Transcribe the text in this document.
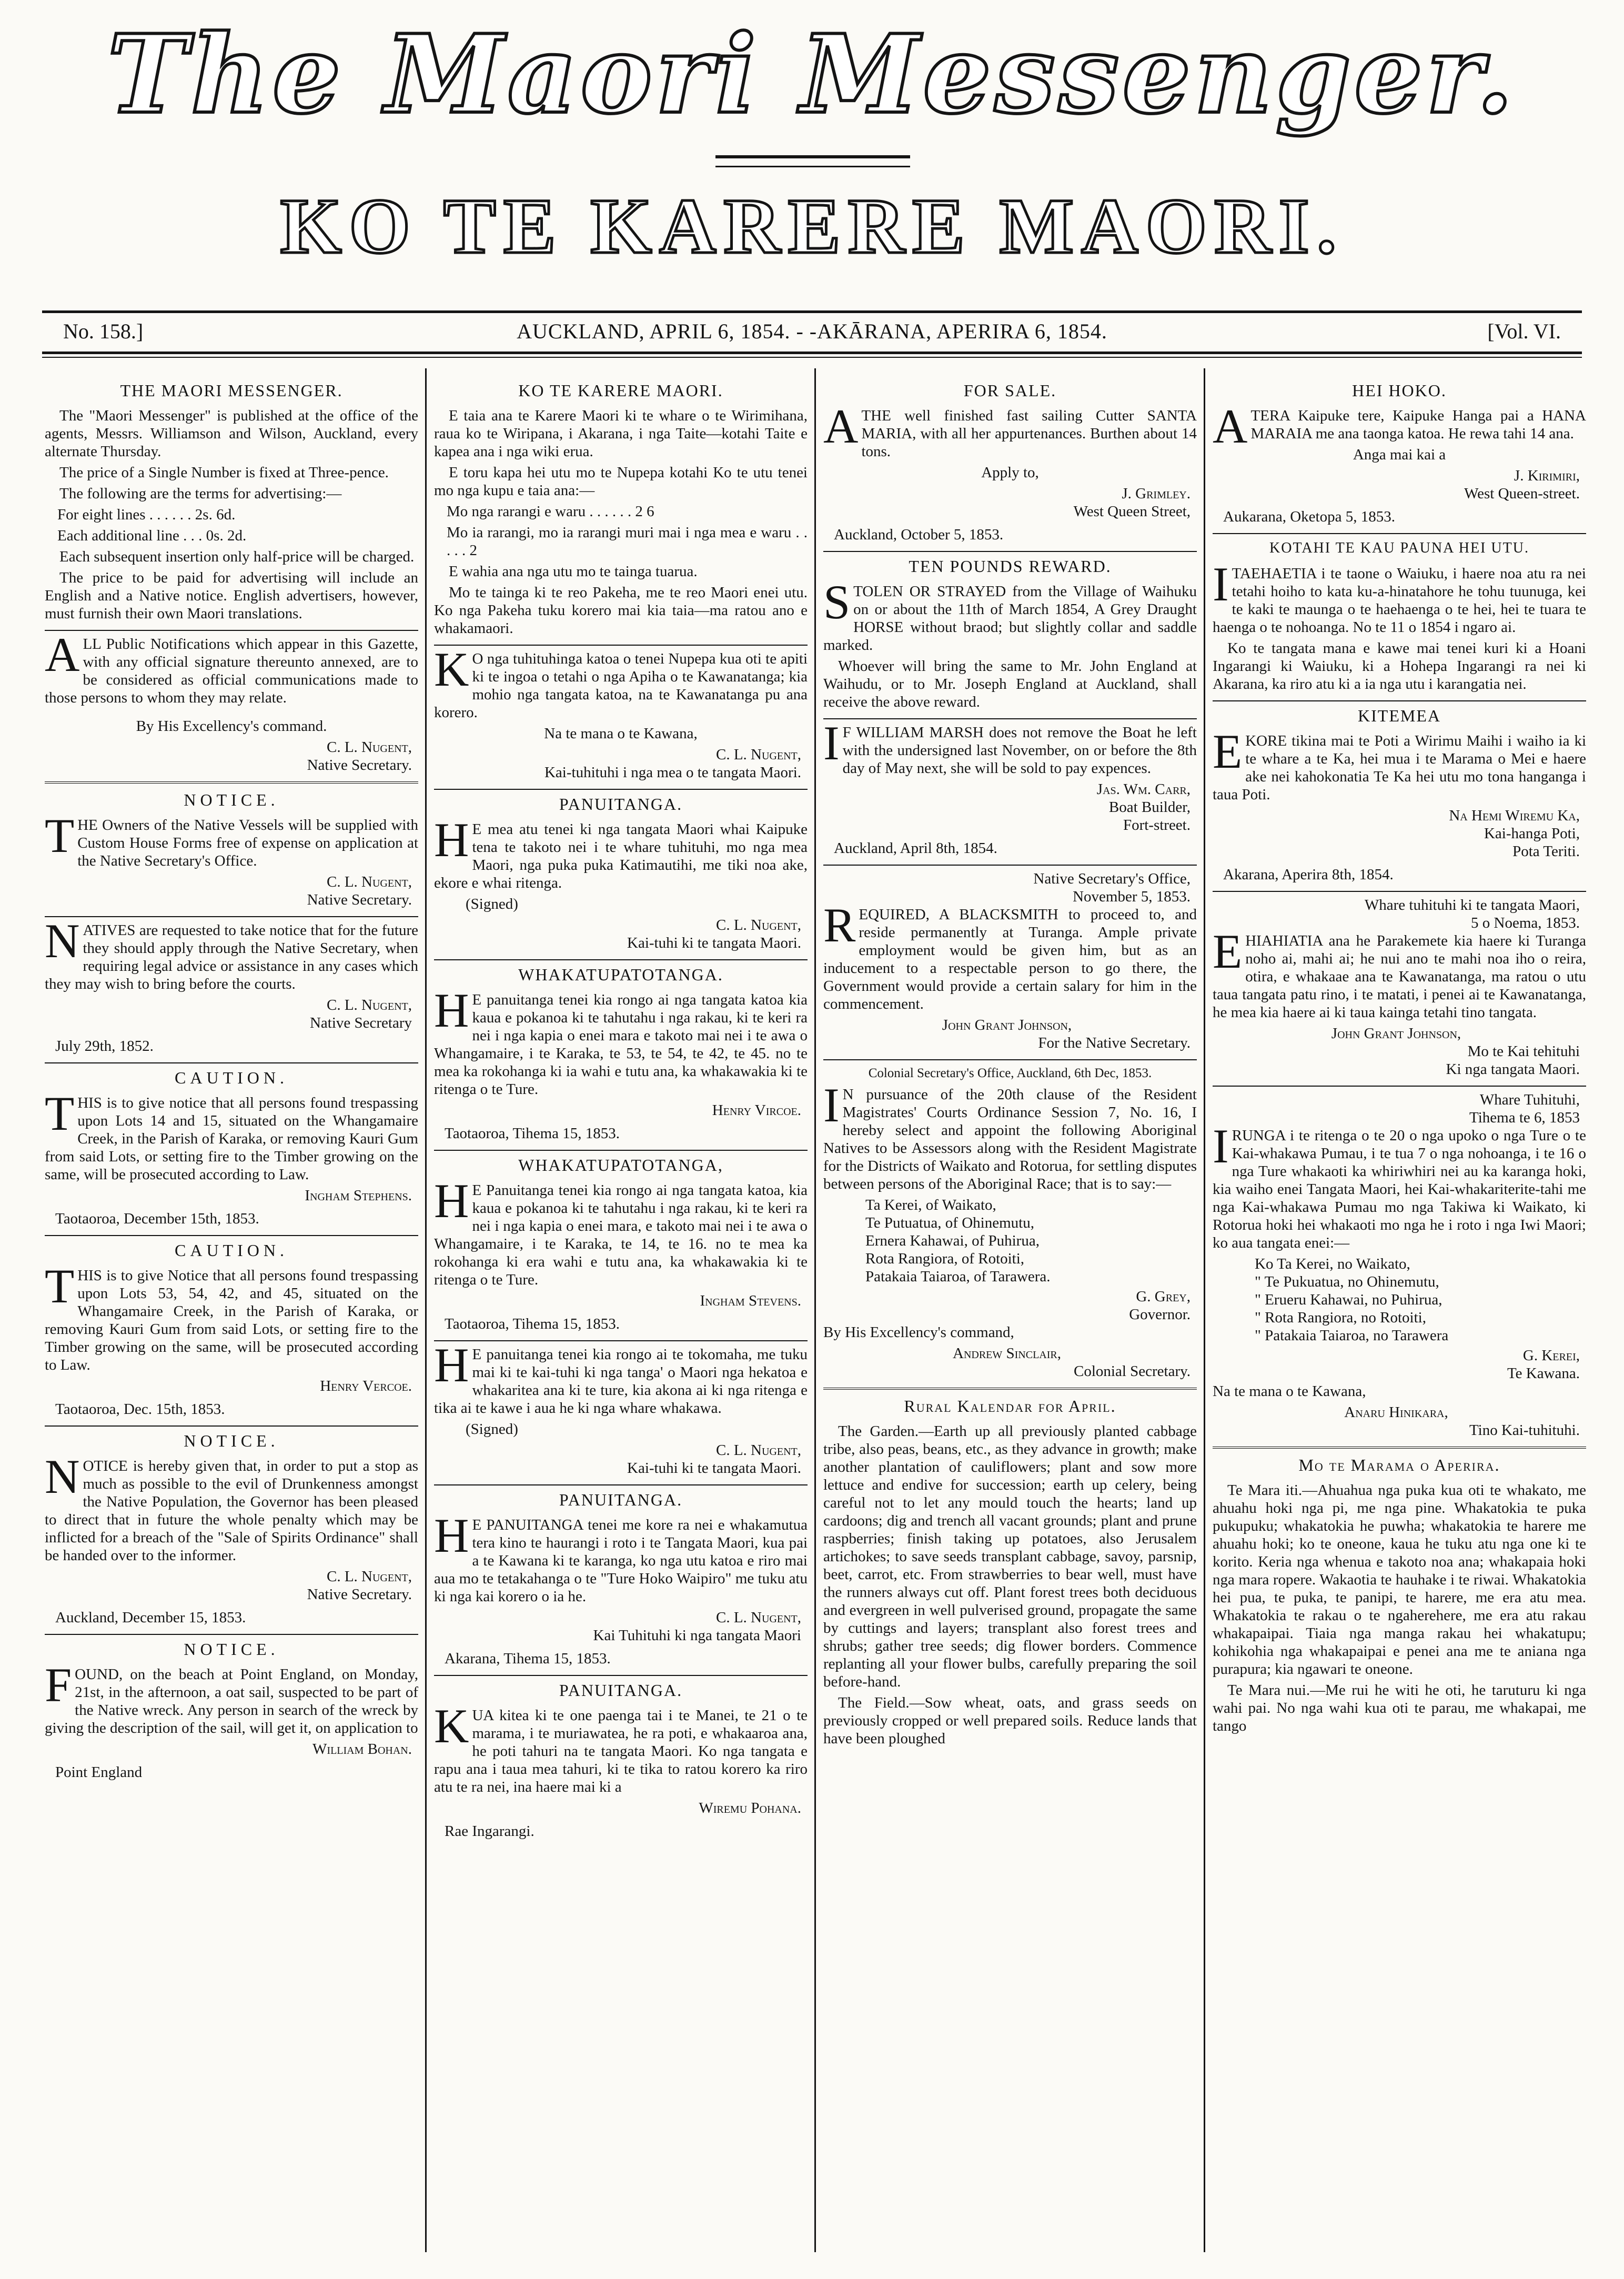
The Maori Messenger.
KO TE KARERE MAORI.
No. 158.]	AUCKLAND, APRIL 6, 1854. - -AKĀRANA, APERIRA 6, 1854.	[Vol. VI.
THE MAORI MESSENGER.

The "Maori Messenger" is published at the office of the agents, Messrs. Williamson and Wilson, Auckland, every alternate Thursday.

The price of a Single Number is fixed at Three-pence.

The following are the terms for advertising:—

For eight lines . . . . . . 2s. 6d.

Each additional line . . . 0s. 2d.

Each subsequent insertion only half-price will be charged.

The price to be paid for advertising will include an English and a Native notice. English advertisers, however, must furnish their own Maori translations.

ALL Public Notifications which appear in this Gazette, with any official signature thereunto annexed, are to be considered as official communications made to those persons to whom they may relate.

By His Excellency's command.

C. L. Nugent,
Native Secretary.
NOTICE.

THE Owners of the Native Vessels will be supplied with Custom House Forms free of expense on application at the Native Secretary's Office.

C. L. Nugent,
Native Secretary.

NATIVES are requested to take notice that for the future they should apply through the Native Secretary, when requiring legal advice or assistance in any cases which they may wish to bring before the courts.

C. L. Nugent,
Native Secretary
July 29th, 1852.
CAUTION.

THIS is to give notice that all persons found trespassing upon Lots 14 and 15, situated on the Whangamaire Creek, in the Parish of Karaka, or removing Kauri Gum from said Lots, or setting fire to the Timber growing on the same, will be prosecuted according to Law.

Ingham Stephens.
Taotaoroa, December 15th, 1853.
CAUTION.

THIS is to give Notice that all persons found trespassing upon Lots 53, 54, 42, and 45, situated on the Whangamaire Creek, in the Parish of Karaka, or removing Kauri Gum from said Lots, or setting fire to the Timber growing on the same, will be prosecuted according to Law.

Henry Vercoe.
Taotaoroa, Dec. 15th, 1853.
NOTICE.

NOTICE is hereby given that, in order to put a stop as much as possible to the evil of Drunkenness amongst the Native Population, the Governor has been pleased to direct that in future the whole penalty which may be inflicted for a breach of the "Sale of Spirits Ordinance" shall be handed over to the informer.

C. L. Nugent,
Native Secretary.
Auckland, December 15, 1853.
NOTICE.

FOUND, on the beach at Point England, on Monday, 21st, in the afternoon, a oat sail, suspected to be part of the Native wreck. Any person in search of the wreck by giving the description of the sail, will get it, on application to

William Bohan.
Point England
KO TE KARERE MAORI.

E taia ana te Karere Maori ki te whare o te Wirimihana, raua ko te Wiripana, i Akarana, i nga Taite—kotahi Taite e kapea ana i nga wiki erua.

E toru kapa hei utu mo te Nupepa kotahi Ko te utu tenei mo nga kupu e taia ana:—

Mo nga rarangi e waru . . . . . . 2 6

Mo ia rarangi, mo ia rarangi muri mai i nga mea e waru . . . . . 2

E wahia ana nga utu mo te tainga tuarua.

Mo te tainga ki te reo Pakeha, me te reo Maori enei utu. Ko nga Pakeha tuku korero mai kia taia—ma ratou ano e whakamaori.

KO nga tuhituhinga katoa o tenei Nupepa kua oti te apiti ki te ingoa o tetahi o nga Apiha o te Kawanatanga; kia mohio nga tangata katoa, na te Kawanatanga pu ana korero.

Na te mana o te Kawana,

C. L. Nugent,
Kai-tuhituhi i nga mea o te tangata Maori.
PANUITANGA.

HE mea atu tenei ki nga tangata Maori whai Kaipuke tena te takoto nei i te whare tuhituhi, mo nga mea Maori, nga puka puka Katimautihi, me tiki noa ake, ekore e whai ritenga.

(Signed)

C. L. Nugent,
Kai-tuhi ki te tangata Maori.
WHAKATUPATOTANGA.

HE panuitanga tenei kia rongo ai nga tangata katoa kia kaua e pokanoa ki te tahutahu i nga rakau, ki te keri ra nei i nga kapia o enei mara e takoto mai nei i te awa o Whangamaire, i te Karaka, te 53, te 54, te 42, te 45. no te mea ka rokohanga ki ia wahi e tutu ana, ka whakawakia ki te ritenga o te Ture.

Henry Vircoe.
Taotaoroa, Tihema 15, 1853.
WHAKATUPATOTANGA,

HE Panuitanga tenei kia rongo ai nga tangata katoa, kia kaua e pokanoa ki te tahutahu i nga rakau, ki te keri ra nei i nga kapia o enei mara, e takoto mai nei i te awa o Whangamaire, i te Karaka, te 14, te 16. no te mea ka rokohanga ki era wahi e tutu ana, ka whakawakia ki te ritenga o te Ture.

Ingham Stevens.
Taotaoroa, Tihema 15, 1853.

HE panuitanga tenei kia rongo ai te tokomaha, me tuku mai ki te kai-tuhi ki nga tanga' o Maori nga hekatoa e whakaritea ana ki te ture, kia akona ai ki nga ritenga e tika ai te kawe i aua he ki nga whare whakawa.

(Signed)

C. L. Nugent,
Kai-tuhi ki te tangata Maori.
PANUITANGA.

HE PANUITANGA tenei me kore ra nei e whakamutua tera kino te haurangi i roto i te Tangata Maori, kua pai a te Kawana ki te karanga, ko nga utu katoa e riro mai aua mo te tetakahanga o te "Ture Hoko Waipiro" me tuku atu ki nga kai korero o ia he.

C. L. Nugent,
Kai Tuhituhi ki nga tangata Maori
Akarana, Tihema 15, 1853.
PANUITANGA.

KUA kitea ki te one paenga tai i te Manei, te 21 o te marama, i te muriawatea, he ra poti, e whakaaroa ana, he poti tahuri na te tangata Maori. Ko nga tangata e rapu ana i taua mea tahuri, ki te tika to ratou korero ka riro atu te ra nei, ina haere mai ki a

Wiremu Pohana.
Rae Ingarangi.
FOR SALE.

ATHE well finished fast sailing Cutter SANTA MARIA, with all her appurtenances. Burthen about 14 tons.

Apply to,

J. Grimley.
West Queen Street,
Auckland, October 5, 1853.
TEN POUNDS REWARD.

STOLEN OR STRAYED from the Village of Waihuku on or about the 11th of March 1854, A Grey Draught HORSE without braod; but slightly collar and saddle marked.

Whoever will bring the same to Mr. John England at Waihudu, or to Mr. Joseph England at Auckland, shall receive the above reward.

IF WILLIAM MARSH does not remove the Boat he left with the undersigned last November, on or before the 8th day of May next, she will be sold to pay expences.

Jas. Wm. Carr,
Boat Builder,
Fort-street.
Auckland, April 8th, 1854.
Native Secretary's Office,
November 5, 1853.

REQUIRED, A BLACKSMITH to proceed to, and reside permanently at Turanga. Ample private employment would be given him, but as an inducement to a respectable person to go there, the Government would provide a certain salary for him in the commencement.

John Grant Johnson,
For the Native Secretary.

Colonial Secretary's Office, Auckland, 6th Dec, 1853.

IN pursuance of the 20th clause of the Resident Magistrates' Courts Ordinance Session 7, No. 16, I hereby select and appoint the following Aboriginal Natives to be Assessors along with the Resident Magistrate for the Districts of Waikato and Rotorua, for settling disputes between persons of the Aboriginal Race; that is to say:—

Ta Kerei, of Waikato,

Te Putuatua, of Ohinemutu,

Ernera Kahawai, of Puhirua,

Rota Rangiora, of Rotoiti,

Patakaia Taiaroa, of Tarawera.

G. Grey,
Governor.

By His Excellency's command,

Andrew Sinclair,
Colonial Secretary.
Rural Kalendar for April.

The Garden.—Earth up all previously planted cabbage tribe, also peas, beans, etc., as they advance in growth; make another plantation of cauliflowers; plant and sow more lettuce and endive for succession; earth up celery, being careful not to let any mould touch the hearts; land up cardoons; dig and trench all vacant grounds; plant and prune raspberries; finish taking up potatoes, also Jerusalem artichokes; to save seeds transplant cabbage, savoy, parsnip, beet, carrot, etc. From strawberries to bear well, must have the runners always cut off. Plant forest trees both deciduous and evergreen in well pulverised ground, propagate the same by cuttings and layers; transplant also forest trees and shrubs; gather tree seeds; dig flower borders. Commence replanting all your flower bulbs, carefully preparing the soil before-hand.

The Field.—Sow wheat, oats, and grass seeds on previously cropped or well prepared soils. Reduce lands that have been ploughed

HEI HOKO.

ATERA Kaipuke tere, Kaipuke Hanga pai a HANA MARAIA me ana taonga katoa. He rewa tahi 14 ana.

Anga mai kai a

J. Kirimiri,
West Queen-street.
Aukarana, Oketopa 5, 1853.
KOTAHI TE KAU PAUNA HEI UTU.

ITAEHAETIA i te taone o Waiuku, i haere noa atu ra nei tetahi hoiho to kata ku-a-hinatahore he tohu tuunuga, kei te kaki te maunga o te haehaenga o te hei, hei te tuara te haenga o te nohoanga. No te 11 o 1854 i ngaro ai.

Ko te tangata mana e kawe mai tenei kuri ki a Hoani Ingarangi ki Waiuku, ki a Hohepa Ingarangi ra nei ki Akarana, ka riro atu ki a ia nga utu i karangatia nei.

KITEMEA

EKORE tikina mai te Poti a Wirimu Maihi i waiho ia ki te whare a te Ka, hei mua i te Marama o Mei e haere ake nei kahokonatia Te Ka hei utu mo tona hanganga i taua Poti.

Na Hemi Wiremu Ka,
Kai-hanga Poti,
Pota Teriti.
Akarana, Aperira 8th, 1854.
Whare tuhituhi ki te tangata Maori,
5 o Noema, 1853.

EHIAHIATIA ana he Parakemete kia haere ki Turanga noho ai, mahi ai; he nui ano te mahi noa iho o reira, otira, e whakaae ana te Kawanatanga, ma ratou o utu taua tangata patu rino, i te matati, i penei ai te Kawanatanga, he mea kia haere ai ki taua kainga tetahi tino tangata.

John Grant Johnson,
Mo te Kai tehituhi
Ki nga tangata Maori.
Whare Tuhituhi,
Tihema te 6, 1853

IRUNGA i te ritenga o te 20 o nga upoko o nga Ture o te Kai-whakawa Pumau, i te tua 7 o nga nohoanga, i te 16 o nga Ture whakaoti ka whiriwhiri nei au ka karanga hoki, kia waiho enei Tangata Maori, hei Kai-whakariterite-tahi me nga Kai-whakawa Pumau mo nga Takiwa ki Waikato, ki Rotorua hoki hei whakaoti mo nga he i roto i nga Iwi Maori; ko aua tangata enei:—

Ko Ta Kerei, no Waikato,

" Te Pukuatua, no Ohinemutu,

" Erueru Kahawai, no Puhirua,

" Rota Rangiora, no Rotoiti,

" Patakaia Taiaroa, no Tarawera

G. Kerei,
Te Kawana.

Na te mana o te Kawana,

Anaru Hinikara,
Tino Kai-tuhituhi.
Mo te Marama o Aperira.

Te Mara iti.—Ahuahua nga puka kua oti te whakato, me ahuahu hoki nga pi, me nga pine. Whakatokia te puka pukupuku; whakatokia he puwha; whakatokia te harere me ahuahu hoki; ko te oneone, kaua he tuku atu nga one ki te korito. Keria nga whenua e takoto noa ana; whakapaia hoki nga mara ropere. Wakaotia te hauhake i te riwai. Whakatokia hei pua, te puka, te panipi, te harere, me era atu mea. Whakatokia te rakau o te ngaherehere, me era atu rakau whakapaipai. Tiaia nga manga rakau hei whakatupu; kohikohia nga whakapaipai e penei ana me te aniana nga purapura; kia ngawari te oneone.

Te Mara nui.—Me rui he witi he oti, he taruturu ki nga wahi pai. No nga wahi kua oti te parau, me whakapai, me tango
